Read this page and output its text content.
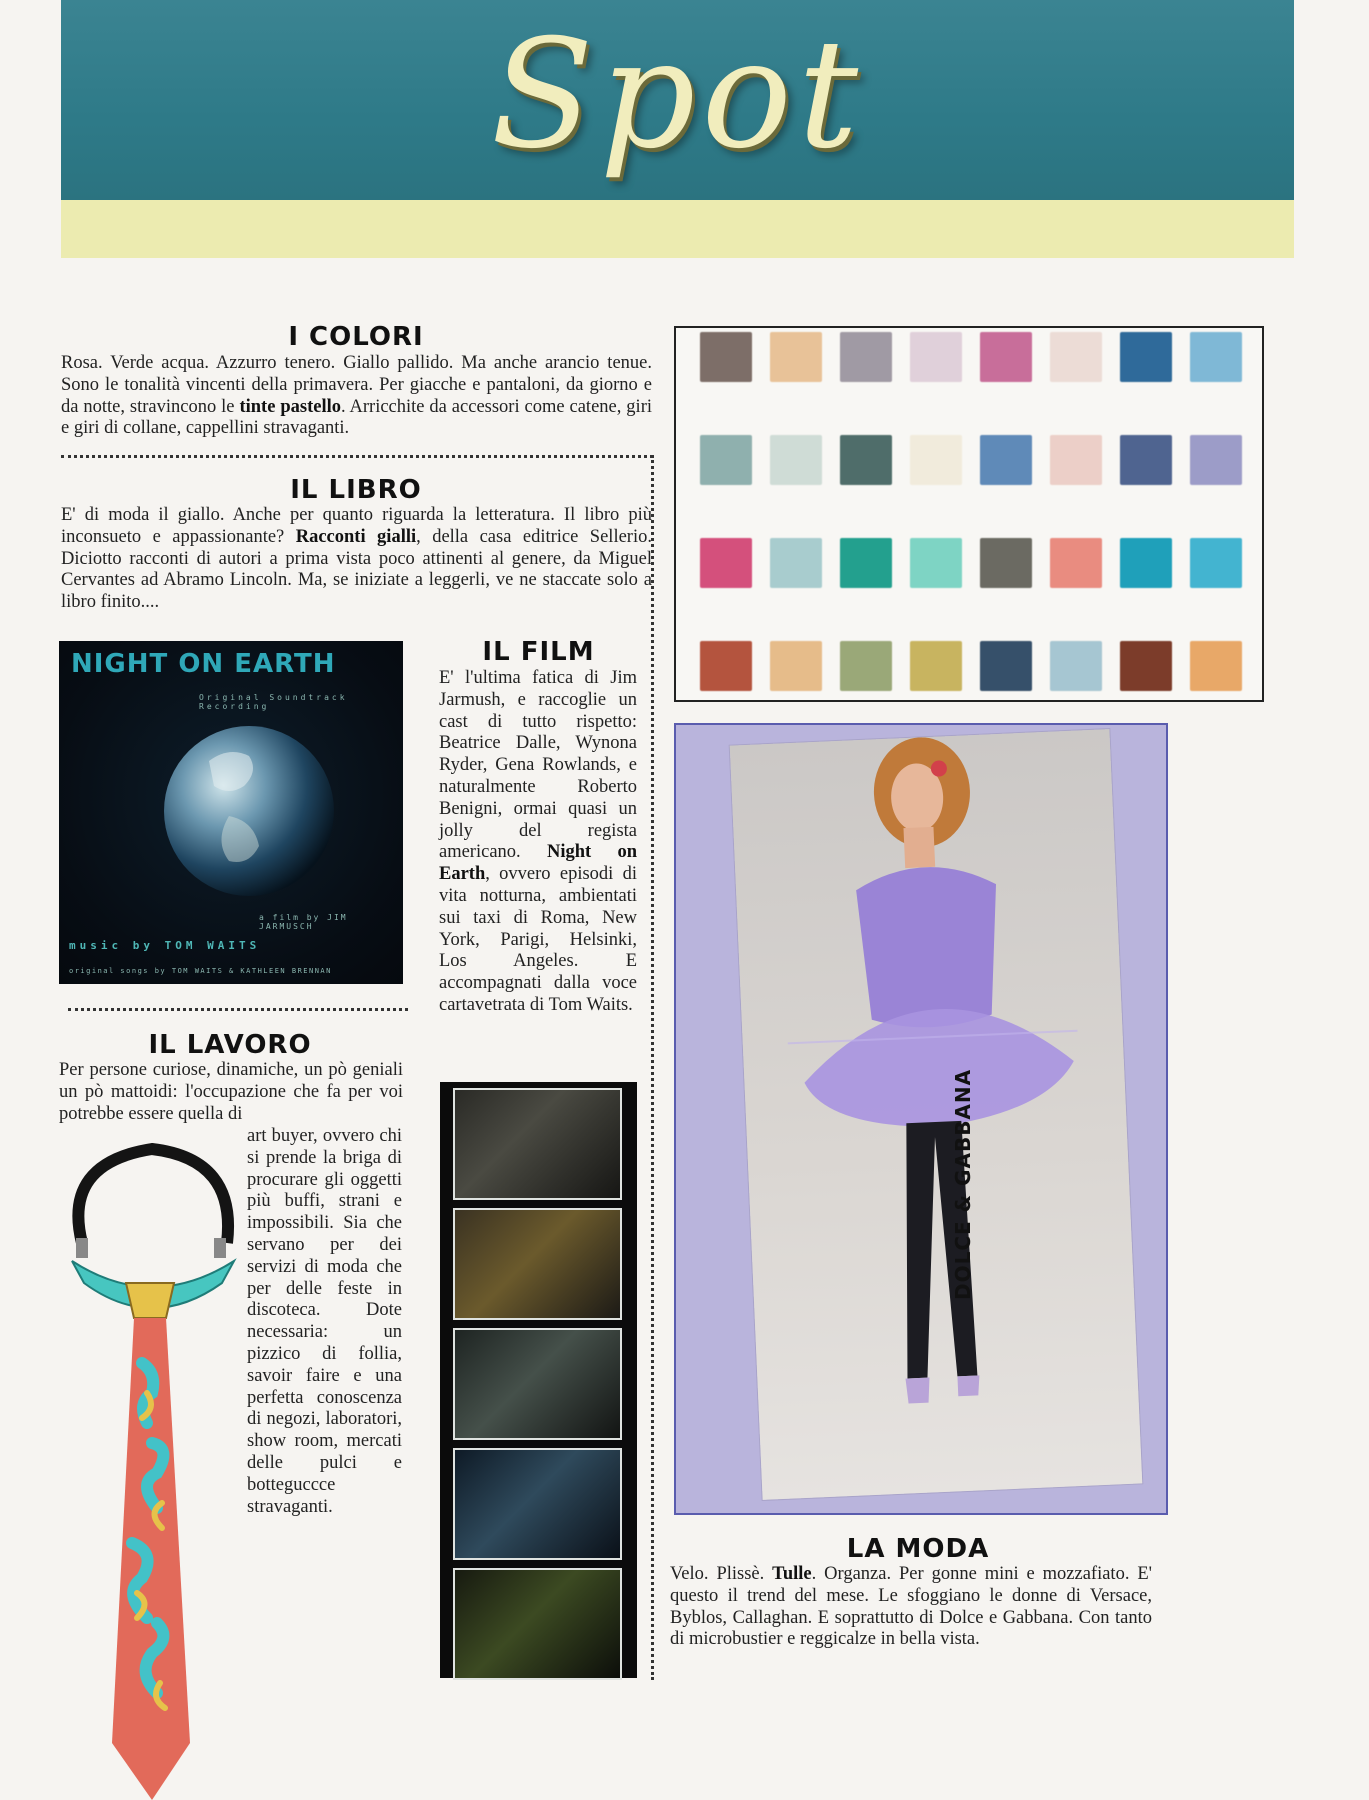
Spot
I COLORI
Rosa. Verde acqua. Azzurro tenero. Giallo pallido. Ma anche arancio tenue. Sono le tonalità vincenti della primavera. Per giacche e pantaloni, da giorno e da notte, stravincono le tinte pastello. Arricchite da accessori come catene, giri e giri di collane, cappellini stravaganti.
IL LIBRO
E' di moda il giallo. Anche per quanto riguarda la letteratura. Il libro più inconsueto e appassionante? Racconti gialli, della casa editrice Sellerio. Diciotto racconti di autori a prima vista poco attinenti al genere, da Miguel Cervantes ad Abramo Lincoln. Ma, se iniziate a leggerli, ve ne staccate solo a libro finito....
NIGHT ON EARTH
Original Soundtrack Recording
a film by JIM JARMUSCH
music by TOM WAITS
original songs by TOM WAITS & KATHLEEN BRENNAN
IL FILM
E' l'ultima fatica di Jim Jarmush, e raccoglie un cast di tutto rispetto: Beatrice Dalle, Wynona Ryder, Gena Rowlands, e naturalmente Roberto Benigni, ormai quasi un jolly del regista americano. Night on Earth, ovvero episodi di vita notturna, ambientati sui taxi di Roma, New York, Parigi, Helsinki, Los Angeles. E accompagnati dalla voce cartavetrata di Tom Waits.
IL LAVORO
Per persone curiose, dinamiche, un pò geniali un pò mattoidi: l'occupazione che fa per voi potrebbe essere quella di
art buyer, ovvero chi si prende la briga di procurare gli oggetti più buffi, strani e impossibili. Sia che servano per dei servizi di moda che per delle feste in discoteca. Dote necessaria: un pizzico di follia, savoir faire e una perfetta conoscenza di negozi, laboratori, show room, mercati delle pulci e botteguccce stravaganti.
DOLCE & GABBANA
LA MODA
Velo. Plissè. Tulle. Organza. Per gonne mini e mozzafiato. E' questo il trend del mese. Le sfoggiano le donne di Versace, Byblos, Callaghan. E soprattutto di Dolce e Gabbana. Con tanto di microbustier e reggicalze in bella vista.
